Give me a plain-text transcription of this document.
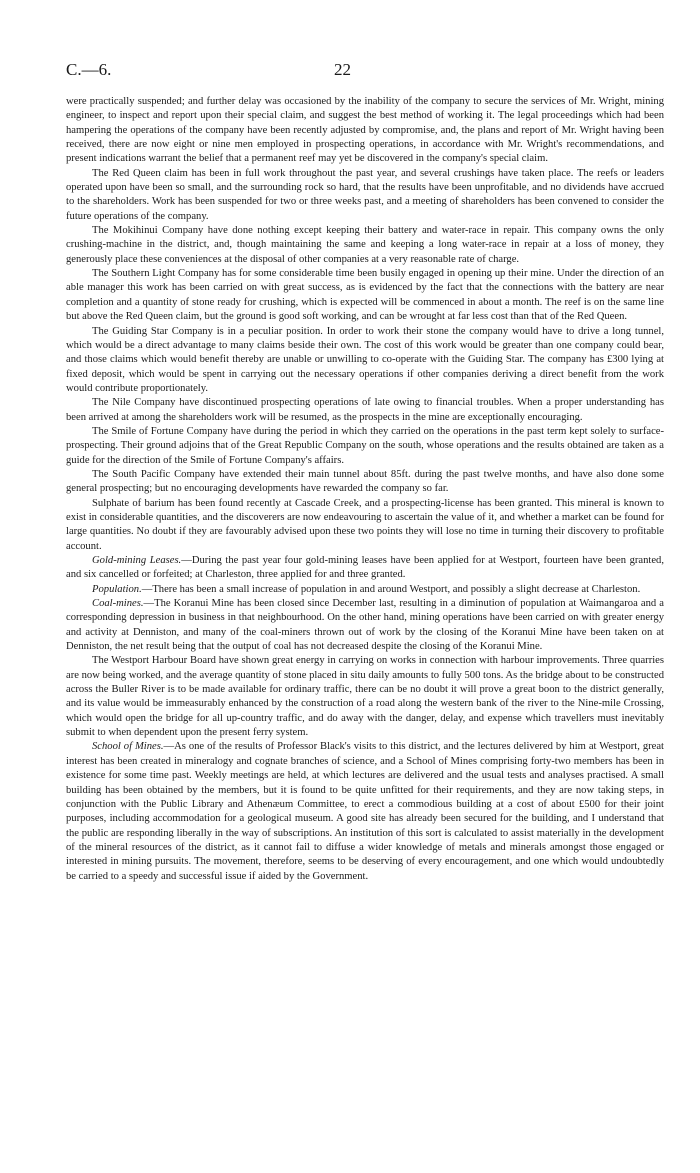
C.—6.	22

were practically suspended; and further delay was occasioned by the inability of the company to secure the services of Mr. Wright, mining engineer, to inspect and report upon their special claim, and suggest the best method of working it. The legal proceedings which had been hampering the operations of the company have been recently adjusted by compromise, and, the plans and report of Mr. Wright having been received, there are now eight or nine men employed in prospecting operations, in accordance with Mr. Wright's recommendations, and present indications warrant the belief that a permanent reef may yet be discovered in the company's special claim.

The Red Queen claim has been in full work throughout the past year, and several crushings have taken place. The reefs or leaders operated upon have been so small, and the surrounding rock so hard, that the results have been unprofitable, and no dividends have accrued to the shareholders. Work has been suspended for two or three weeks past, and a meeting of shareholders has been convened to consider the future operations of the company.

The Mokihinui Company have done nothing except keeping their battery and water-race in repair. This company owns the only crushing-machine in the district, and, though maintaining the same and keeping a long water-race in repair at a loss of money, they generously place these conveniences at the disposal of other companies at a very reasonable rate of charge.

The Southern Light Company has for some considerable time been busily engaged in opening up their mine. Under the direction of an able manager this work has been carried on with great success, as is evidenced by the fact that the connections with the battery are near completion and a quantity of stone ready for crushing, which is expected will be commenced in about a month. The reef is on the same line but above the Red Queen claim, but the ground is good soft working, and can be wrought at far less cost than that of the Red Queen.

The Guiding Star Company is in a peculiar position. In order to work their stone the company would have to drive a long tunnel, which would be a direct advantage to many claims beside their own. The cost of this work would be greater than one company could bear, and those claims which would benefit thereby are unable or unwilling to co-operate with the Guiding Star. The company has £300 lying at fixed deposit, which would be spent in carrying out the necessary operations if other companies deriving a direct benefit from the work would contribute proportionately.

The Nile Company have discontinued prospecting operations of late owing to financial troubles. When a proper understanding has been arrived at among the shareholders work will be resumed, as the prospects in the mine are exceptionally encouraging.

The Smile of Fortune Company have during the period in which they carried on the operations in the past term kept solely to surface-prospecting. Their ground adjoins that of the Great Republic Company on the south, whose operations and the results obtained are taken as a guide for the direction of the Smile of Fortune Company's affairs.

The South Pacific Company have extended their main tunnel about 85ft. during the past twelve months, and have also done some general prospecting; but no encouraging developments have rewarded the company so far.

Sulphate of barium has been found recently at Cascade Creek, and a prospecting-license has been granted. This mineral is known to exist in considerable quantities, and the discoverers are now endeavouring to ascertain the value of it, and whether a market can be found for large quantities. No doubt if they are favourably advised upon these two points they will lose no time in turning their discovery to profitable account.

Gold-mining Leases.—During the past year four gold-mining leases have been applied for at Westport, fourteen have been granted, and six cancelled or forfeited; at Charleston, three applied for and three granted.

Population.—There has been a small increase of population in and around Westport, and possibly a slight decrease at Charleston.

Coal-mines.—The Koranui Mine has been closed since December last, resulting in a diminution of population at Waimangaroa and a corresponding depression in business in that neighbourhood. On the other hand, mining operations have been carried on with greater energy and activity at Denniston, and many of the coal-miners thrown out of work by the closing of the Koranui Mine have been taken on at Denniston, the net result being that the output of coal has not decreased despite the closing of the Koranui Mine.

The Westport Harbour Board have shown great energy in carrying on works in connection with harbour improvements. Three quarries are now being worked, and the average quantity of stone placed in situ daily amounts to fully 500 tons. As the bridge about to be constructed across the Buller River is to be made available for ordinary traffic, there can be no doubt it will prove a great boon to the district generally, and its value would be immeasurably enhanced by the construction of a road along the western bank of the river to the Nine-mile Crossing, which would open the bridge for all up-country traffic, and do away with the danger, delay, and expense which travellers must inevitably submit to when dependent upon the present ferry system.

School of Mines.—As one of the results of Professor Black's visits to this district, and the lectures delivered by him at Westport, great interest has been created in mineralogy and cognate branches of science, and a School of Mines comprising forty-two members has been in existence for some time past. Weekly meetings are held, at which lectures are delivered and the usual tests and analyses practised. A small building has been obtained by the members, but it is found to be quite unfitted for their requirements, and they are now taking steps, in conjunction with the Public Library and Athenæum Committee, to erect a commodious building at a cost of about £500 for their joint purposes, including accommodation for a geological museum. A good site has already been secured for the building, and I understand that the public are responding liberally in the way of subscriptions. An institution of this sort is calculated to assist materially in the development of the mineral resources of the district, as it cannot fail to diffuse a wider knowledge of metals and minerals amongst those engaged or interested in mining pursuits. The movement, therefore, seems to be deserving of every encouragement, and one which would undoubtedly be carried to a speedy and successful issue if aided by the Government.
